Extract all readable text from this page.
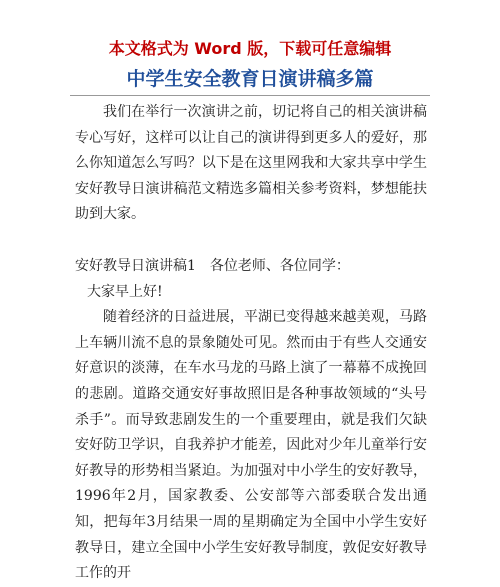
本文格式为 Word 版，下载可任意编辑
中学生安全教育日演讲稿多篇

我们在举行一次演讲之前，切记将自己的相关演讲稿专心写好，这样可以让自己的演讲得到更多人的爱好，那么你知道怎么写吗？以下是在这里网我和大家共享中学生安好教导日演讲稿范文精选多篇相关参考资料，梦想能扶助到大家。

安好教导日演讲稿1　各位老师、各位同学：

大家早上好!

随着经济的日益进展，平湖已变得越来越美观，马路上车辆川流不息的景象随处可见。然而由于有些人交通安好意识的淡薄，在车水马龙的马路上演了一幕幕不成挽回的悲剧。道路交通安好事故照旧是各种事故领域的“头号杀手”。而导致悲剧发生的一个重要理由，就是我们欠缺安好防卫学识，自我养护才能差，因此对少年儿童举行安好教导的形势相当紧迫。为加强对中小学生的安好教导，1996年2月，国家教委、公安部等六部委联合发出通知，把每年3月结果一周的星期确定为全国中小学生安好教导日，建立全国中小学生安好教导制度，敦促安好教导工作的开
